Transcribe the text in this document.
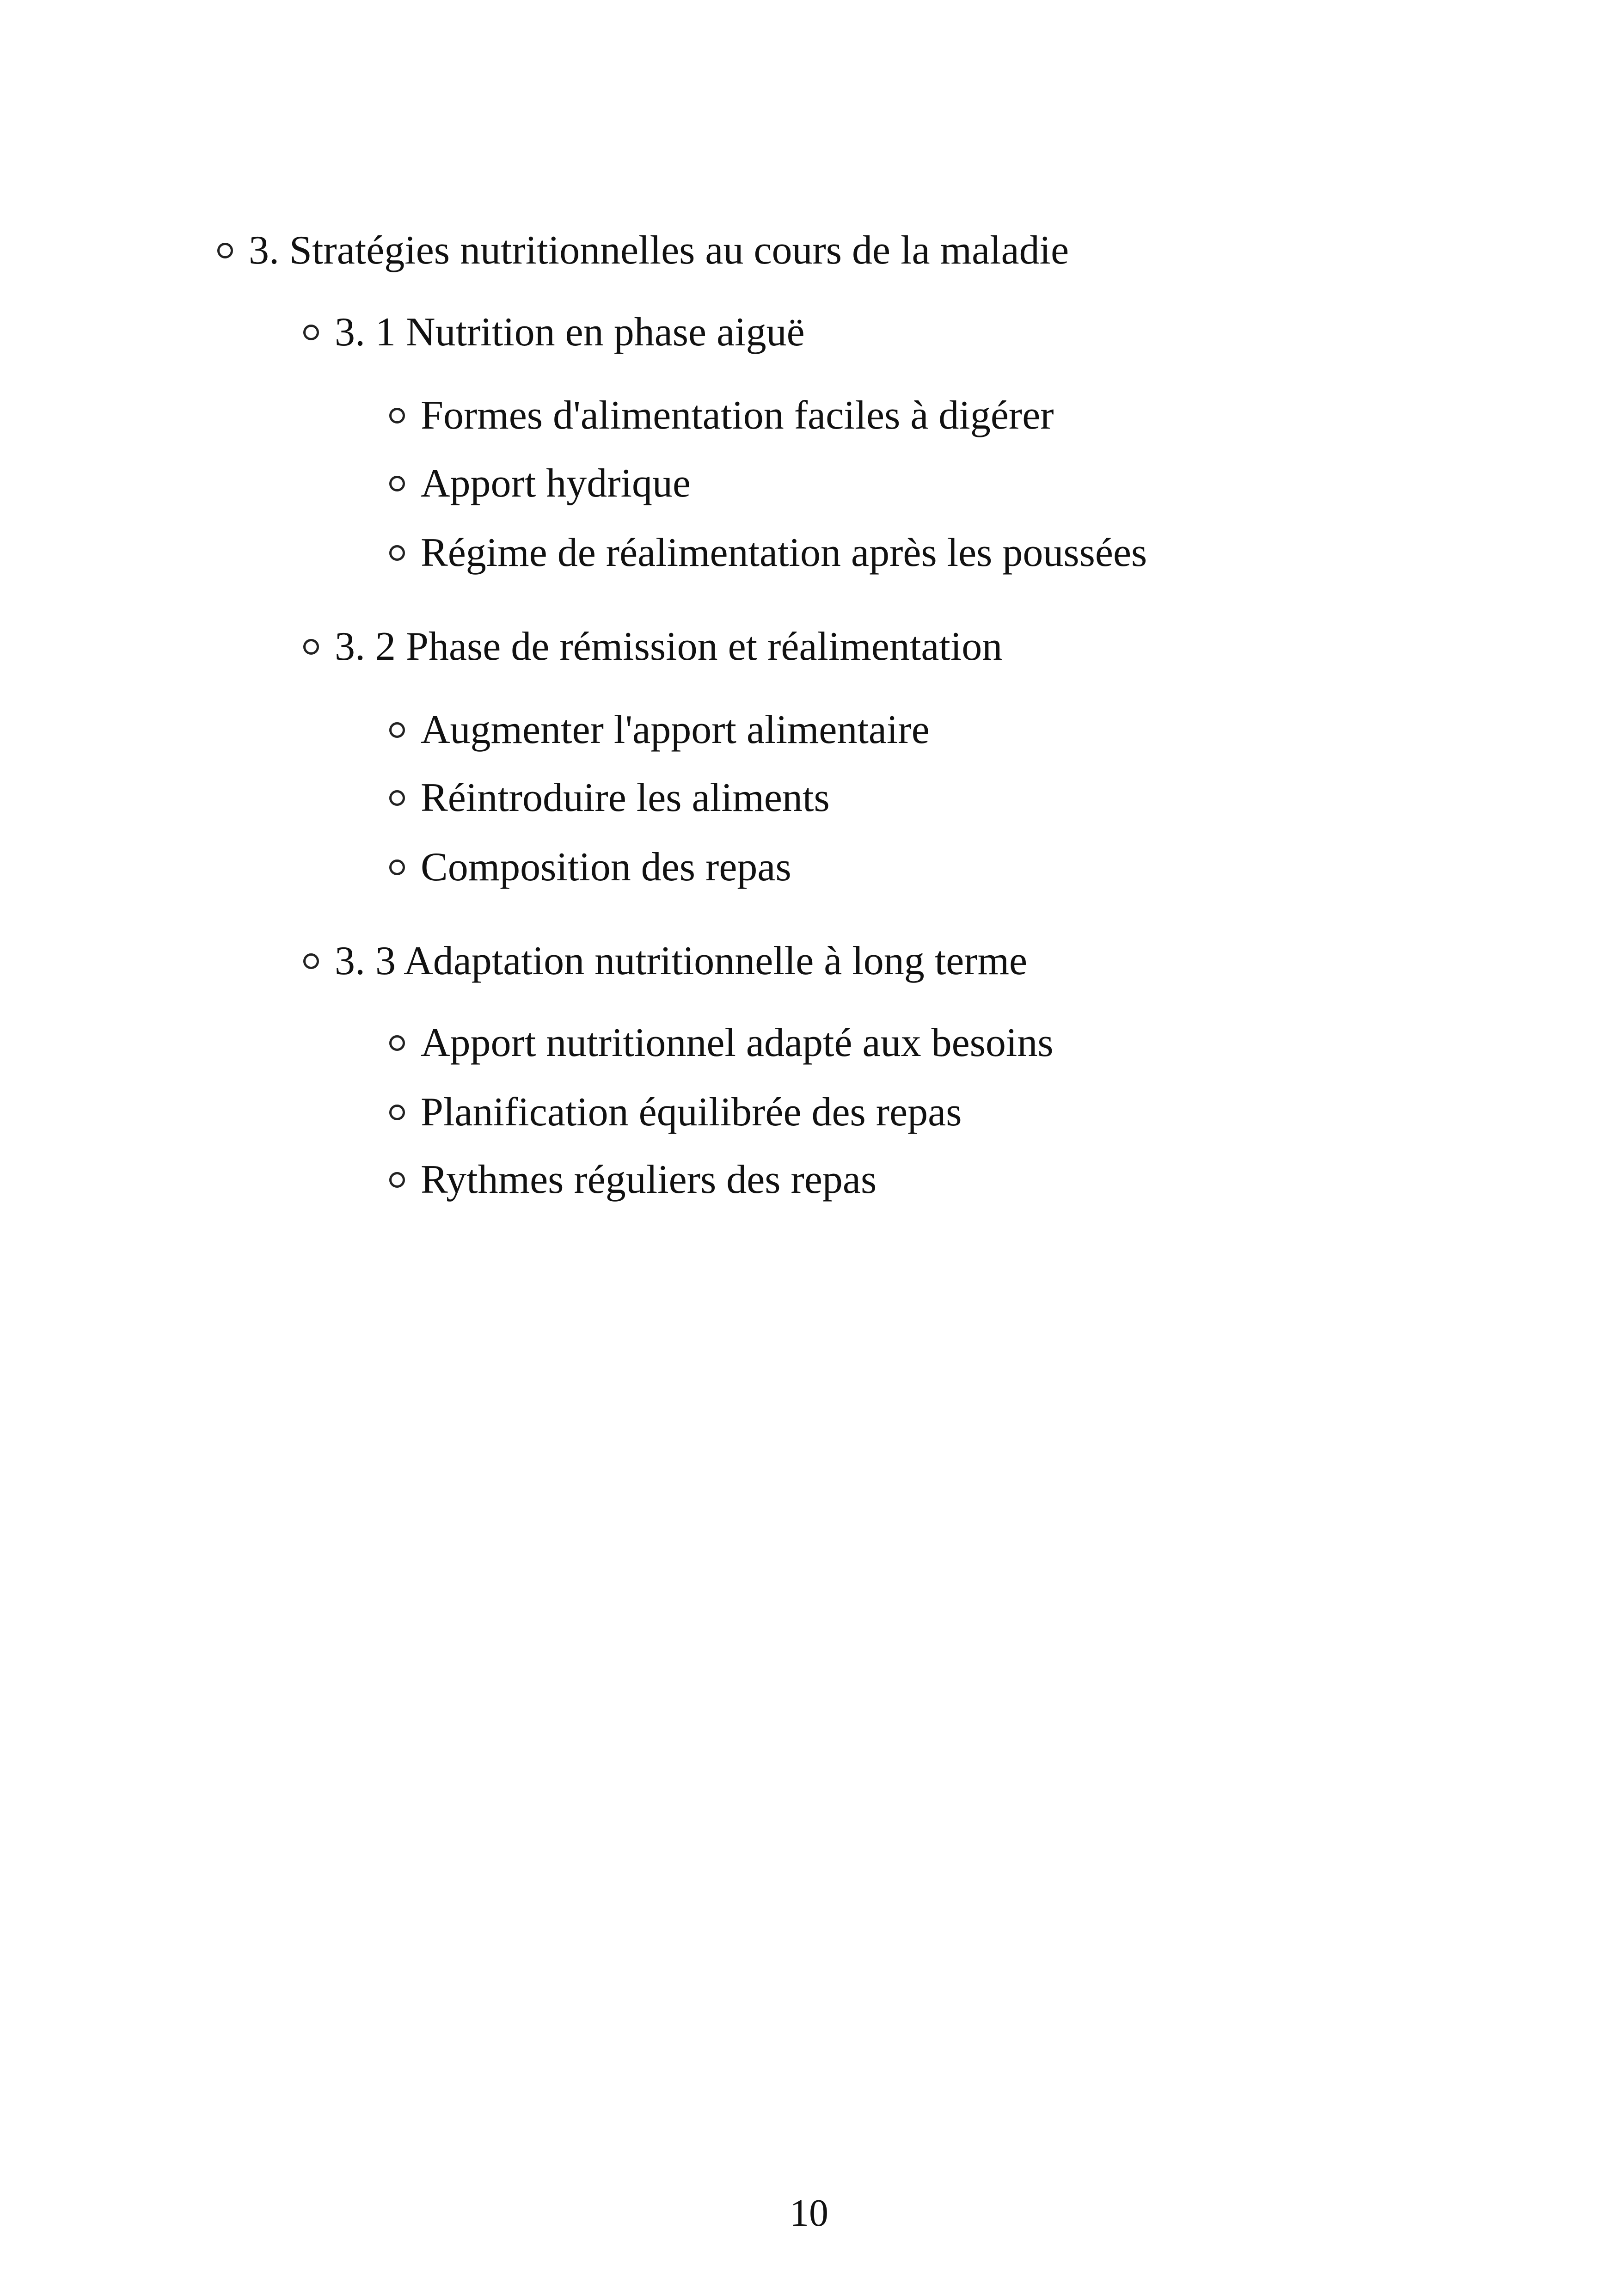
3. Stratégies nutritionnelles au cours de la maladie
3. 1 Nutrition en phase aiguë
Formes d'alimentation faciles à digérer
Apport hydrique
Régime de réalimentation après les poussées
3. 2 Phase de rémission et réalimentation
Augmenter l'apport alimentaire
Réintroduire les aliments
Composition des repas
3. 3 Adaptation nutritionnelle à long terme
Apport nutritionnel adapté aux besoins
Planification équilibrée des repas
Rythmes réguliers des repas
10
